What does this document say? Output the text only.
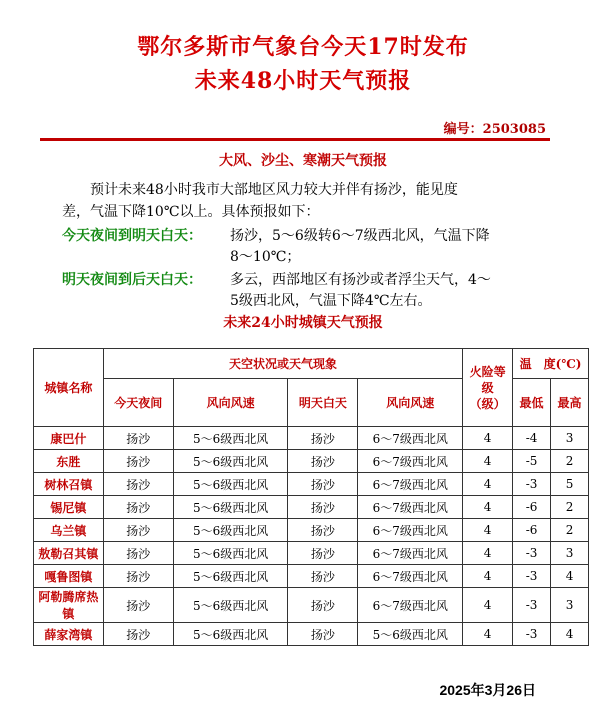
鄂尔多斯市气象台今天17时发布
未来48小时天气预报
编号：2503085
大风、沙尘、寒潮天气预报
预计未来48小时我市大部地区风力较大并伴有扬沙，能见度
差，气温下降10℃以上。具体预报如下：
今天夜间到明天白天： 扬沙，5～6级转6～7级西北风，气温下降
8～10℃；
明天夜间到后天白天： 多云，西部地区有扬沙或者浮尘天气，4～
5级西北风，气温下降4℃左右。
未来24小时城镇天气预报
城镇名称	天空状况或天气现象				火险等级（级）	温　度(℃)	
	今天夜间	风向风速	明天白天	风向风速		最低	最高
康巴什	扬沙	5～6级西北风	扬沙	6～7级西北风	4	-4	3
东胜	扬沙	5～6级西北风	扬沙	6～7级西北风	4	-5	2
树林召镇	扬沙	5～6级西北风	扬沙	6～7级西北风	4	-3	5
锡尼镇	扬沙	5～6级西北风	扬沙	6～7级西北风	4	-6	2
乌兰镇	扬沙	5～6级西北风	扬沙	6～7级西北风	4	-6	2
敖勒召其镇	扬沙	5～6级西北风	扬沙	6～7级西北风	4	-3	3
嘎鲁图镇	扬沙	5～6级西北风	扬沙	6～7级西北风	4	-3	4
阿勒腾席热镇	扬沙	5～6级西北风	扬沙	6～7级西北风	4	-3	3
薛家湾镇	扬沙	5～6级西北风	扬沙	5～6级西北风	4	-3	4
2025年3月26日
